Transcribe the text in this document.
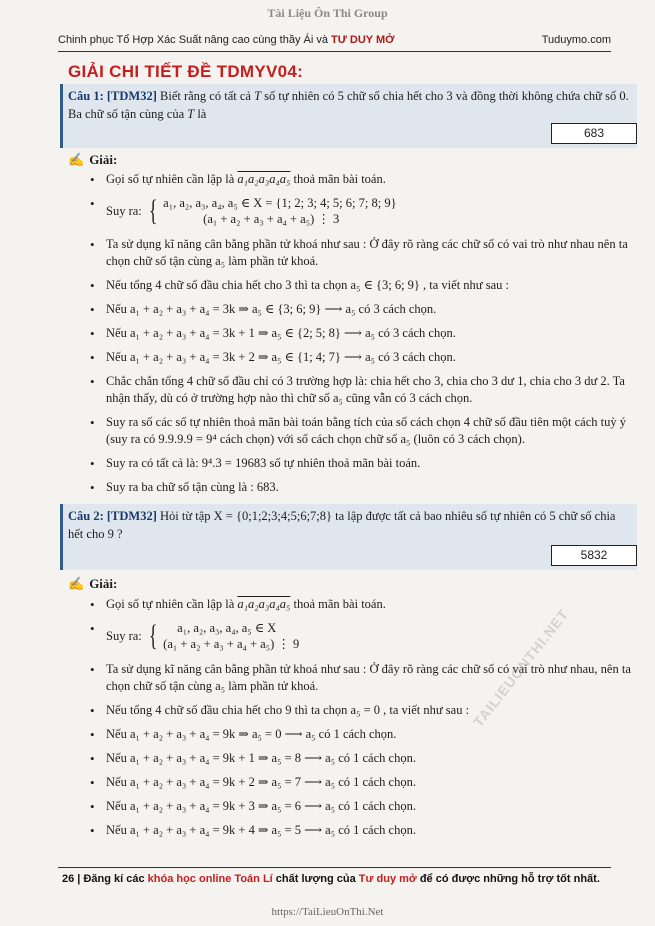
Tài Liệu Ôn Thi Group
Chinh phục Tổ Hợp Xác Suất nâng cao cùng thầy Ái và TƯ DUY MỞ	Tuduymo.com
GIẢI CHI TIẾT ĐỀ TDMYV04:
Câu 1: [TDM32] Biết rằng có tất cả T số tự nhiên có 5 chữ số chia hết cho 3 và đồng thời không chứa chữ số 0. Ba chữ số tận cùng của T là
683
✍ Giải:
• Gọi số tự nhiên cần lập là a₁a₂a₃a₄a₅ thoả mãn bài toán.
• Suy ra: { a₁, a₂, a₃, a₄, a₅ ∈ X = {1; 2; 3; 4; 5; 6; 7; 8; 9}
(a₁ + a₂ + a₃ + a₄ + a₅) ⋮ 3
• Ta sử dụng kĩ năng cân bằng phần tử khoá như sau : Ở đây rõ ràng các chữ số có vai trò như nhau nên ta chọn chữ số tận cùng a₅ làm phần tử khoá.
• Nếu tổng 4 chữ số đầu chia hết cho 3 thì ta chọn a₅ ∈ {3; 6; 9} , ta viết như sau :
• Nếu a₁ + a₂ + a₃ + a₄ = 3k ⇒ a₅ ∈ {3; 6; 9} ⟶ a₅ có 3 cách chọn.
• Nếu a₁ + a₂ + a₃ + a₄ = 3k + 1 ⇒ a₅ ∈ {2; 5; 8} ⟶ a₅ có 3 cách chọn.
• Nếu a₁ + a₂ + a₃ + a₄ = 3k + 2 ⇒ a₅ ∈ {1; 4; 7} ⟶ a₅ có 3 cách chọn.
• Chắc chắn tổng 4 chữ số đầu chỉ có 3 trường hợp là: chia hết cho 3, chia cho 3 dư 1, chia cho 3 dư 2. Ta nhận thấy, dù có ở trường hợp nào thì chữ số a₅ cũng vẫn có 3 cách chọn.
• Suy ra số các số tự nhiên thoả mãn bài toán bằng tích của số cách chọn 4 chữ số đầu tiên một cách tuỳ ý (suy ra có 9.9.9.9 = 9⁴ cách chọn) với số cách chọn chữ số a₅ (luôn có 3 cách chọn).
• Suy ra có tất cả là: 9⁴.3 = 19683 số tự nhiên thoả mãn bài toán.
• Suy ra ba chữ số tận cùng là : 683.
Câu 2: [TDM32] Hỏi từ tập X = {0;1;2;3;4;5;6;7;8} ta lập được tất cả bao nhiêu số tự nhiên có 5 chữ số chia hết cho 9 ?
5832
✍ Giải:
• Gọi số tự nhiên cần lập là a₁a₂a₃a₄a₅ thoả mãn bài toán.
• Suy ra: {	a₁, a₂, a₃, a₄, a₅ ∈ X
(a₁ + a₂ + a₃ + a₄ + a₅) ⋮ 9
• Ta sử dụng kĩ năng cân bằng phần tử khoá như sau : Ở đây rõ ràng các chữ số có vai trò như nhau, nên ta chọn chữ số tận cùng a₅ làm phần tử khoá.
• Nếu tổng 4 chữ số đầu chia hết cho 9 thì ta chọn a₅ = 0 , ta viết như sau :
• Nếu a₁ + a₂ + a₃ + a₄ = 9k ⇒ a₅ = 0 ⟶ a₅ có 1 cách chọn.
• Nếu a₁ + a₂ + a₃ + a₄ = 9k + 1 ⇒ a₅ = 8 ⟶ a₅ có 1 cách chọn.
• Nếu a₁ + a₂ + a₃ + a₄ = 9k + 2 ⇒ a₅ = 7 ⟶ a₅ có 1 cách chọn.
• Nếu a₁ + a₂ + a₃ + a₄ = 9k + 3 ⇒ a₅ = 6 ⟶ a₅ có 1 cách chọn.
• Nếu a₁ + a₂ + a₃ + a₄ = 9k + 4 ⇒ a₅ = 5 ⟶ a₅ có 1 cách chọn.
TAILIEUONTHI.NET
26 | Đăng kí các khóa học online Toán Lí chất lượng của Tư duy mở để có được những hỗ trợ tốt nhất.
https://TaiLieuOnThi.Net
